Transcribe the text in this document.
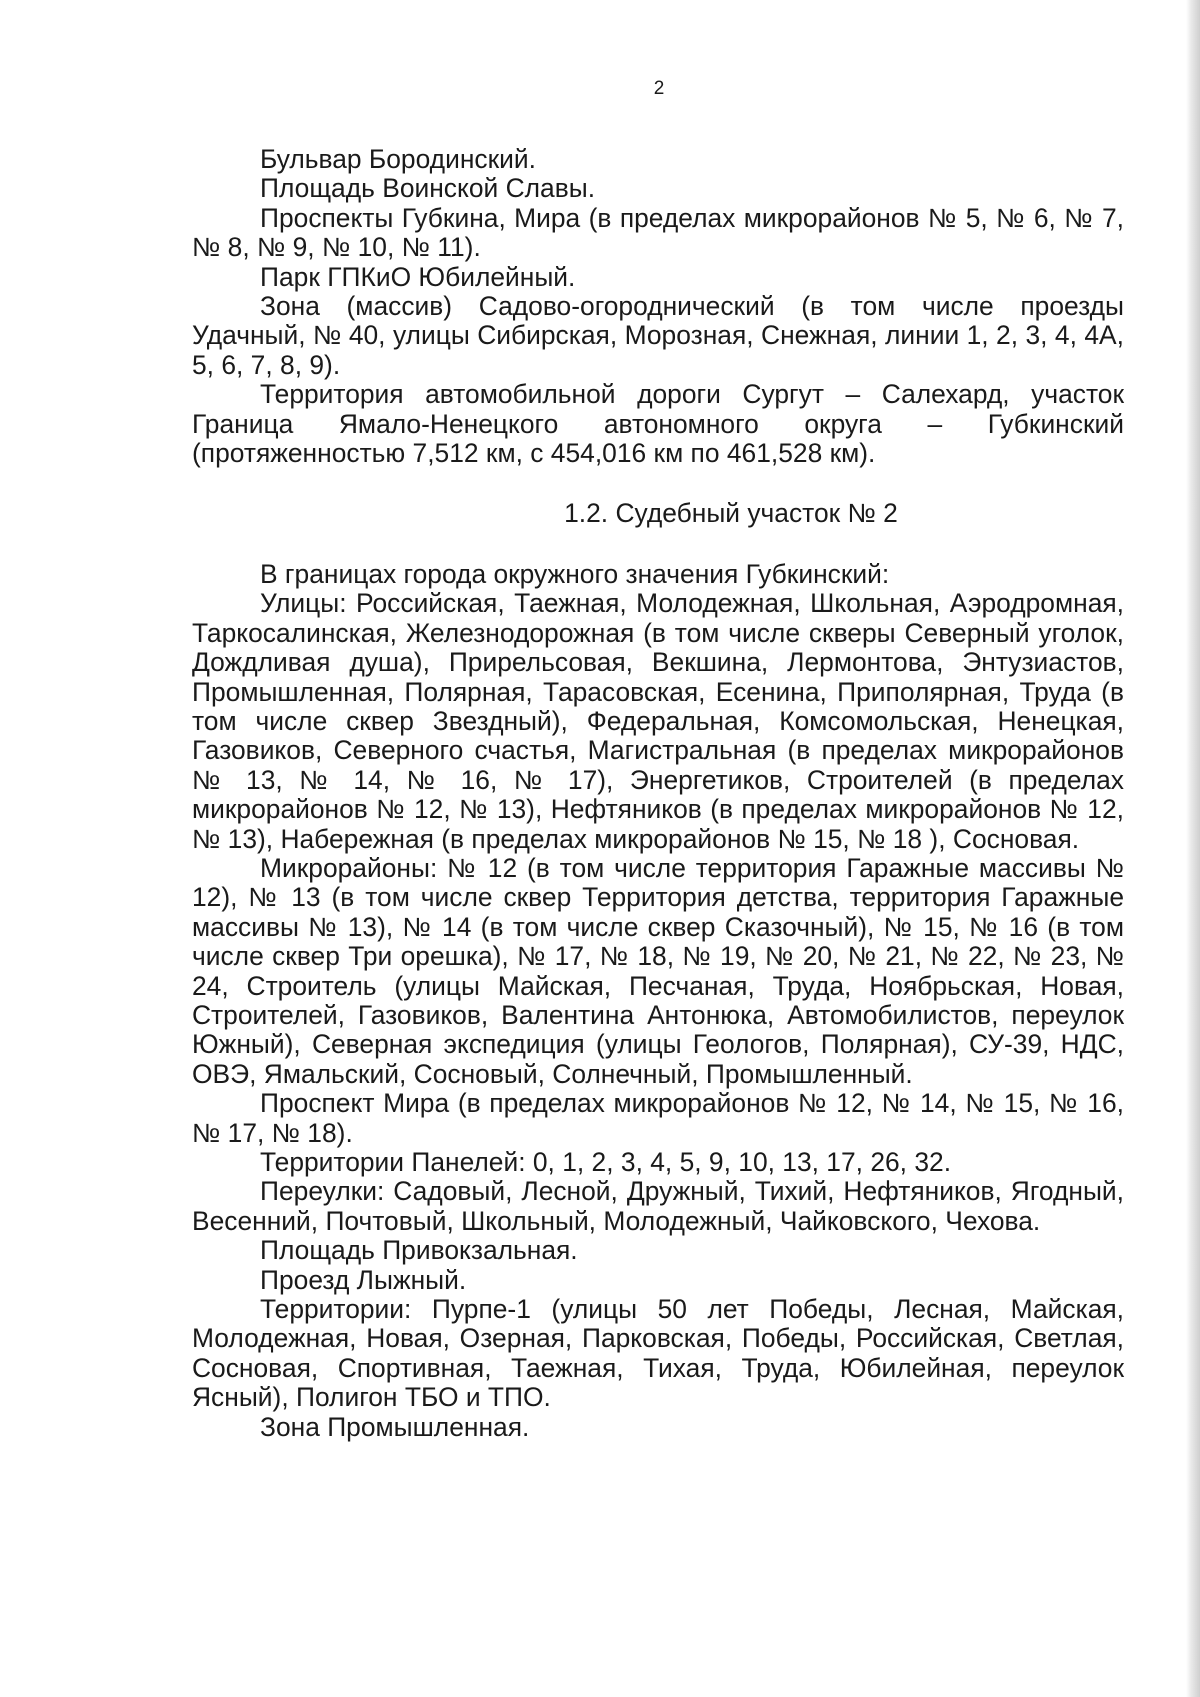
2

Бульвар Бородинский.

Площадь Воинской Славы.

Проспекты Губкина, Мира (в пределах микрорайонов № 5, № 6, № 7, № 8, № 9, № 10, № 11).

Парк ГПКиО Юбилейный.

Зона (массив) Садово-огороднический (в том числе проезды Удачный, № 40, улицы Сибирская, Морозная, Снежная, линии 1, 2, 3, 4, 4А, 5, 6, 7, 8, 9).

Территория автомобильной дороги Сургут – Салехард, участок Граница Ямало-Ненецкого автономного округа – Губкинский (протяженностью 7,512 км, с 454,016 км по 461,528 км).

1.2. Судебный участок № 2

В границах города окружного значения Губкинский:

Улицы: Российская, Таежная, Молодежная, Школьная, Аэродромная, Таркосалинская, Железнодорожная (в том числе скверы Северный уголок, Дождливая душа), Прирельсовая, Векшина, Лермонтова, Энтузиастов, Промышленная, Полярная, Тарасовская, Есенина, Приполярная, Труда (в том числе сквер Звездный), Федеральная, Комсомольская, Ненецкая, Газовиков, Северного счастья, Магистральная (в пределах микрорайонов № 13, № 14, № 16, № 17), Энергетиков, Строителей (в пределах микрорайонов № 12, № 13), Нефтяников (в пределах микрорайонов № 12, № 13), Набережная (в пределах микрорайонов № 15, № 18 ), Сосновая.

Микрорайоны: № 12 (в том числе территория Гаражные массивы № 12), № 13 (в том числе сквер Территория детства, территория Гаражные массивы № 13), № 14 (в том числе сквер Сказочный), № 15, № 16 (в том числе сквер Три орешка), № 17, № 18, № 19, № 20, № 21, № 22, № 23, № 24, Строитель (улицы Майская, Песчаная, Труда, Ноябрьская, Новая, Строителей, Газовиков, Валентина Антонюка, Автомобилистов, переулок Южный), Северная экспедиция (улицы Геологов, Полярная), СУ-39, НДС, ОВЭ, Ямальский, Сосновый, Солнечный, Промышленный.

Проспект Мира (в пределах микрорайонов № 12, № 14, № 15, № 16, № 17, № 18).

Территории Панелей: 0, 1, 2, 3, 4, 5, 9, 10, 13, 17, 26, 32.

Переулки: Садовый, Лесной, Дружный, Тихий, Нефтяников, Ягодный, Весенний, Почтовый, Школьный, Молодежный, Чайковского, Чехова.

Площадь Привокзальная.

Проезд Лыжный.

Территории: Пурпе-1 (улицы 50 лет Победы, Лесная, Майская, Молодежная, Новая, Озерная, Парковская, Победы, Российская, Светлая, Сосновая, Спортивная, Таежная, Тихая, Труда, Юбилейная, переулок Ясный), Полигон ТБО и ТПО.

Зона Промышленная.
